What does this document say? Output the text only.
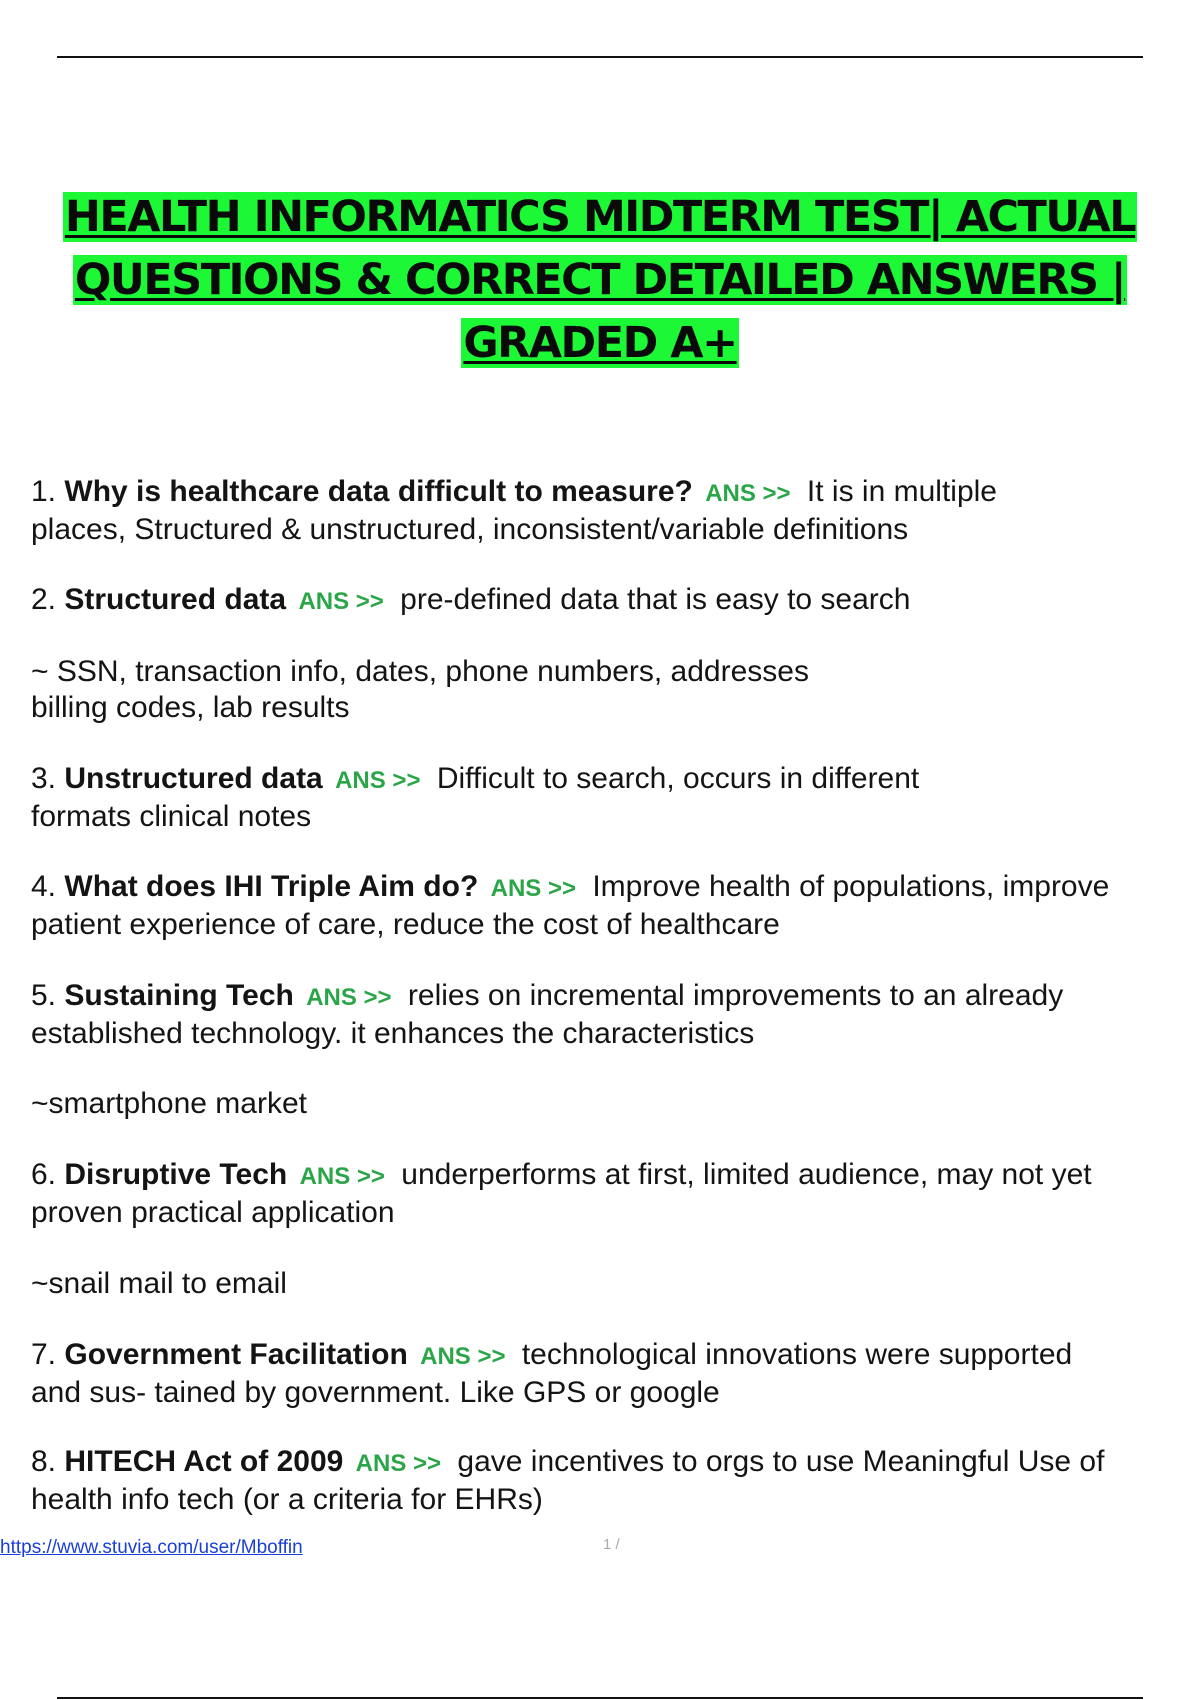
HEALTH INFORMATICS MIDTERM TEST| ACTUAL
QUESTIONS & CORRECT DETAILED ANSWERS |
GRADED A+
1. Why is healthcare data difficult to measure? ANS >> It is in multiple
places, Structured & unstructured, inconsistent/variable definitions
2. Structured data ANS >> pre-defined data that is easy to search
~ SSN, transaction info, dates, phone numbers, addresses
billing codes, lab results
3. Unstructured data ANS >> Difficult to search, occurs in different
formats clinical notes
4. What does IHI Triple Aim do? ANS >> Improve health of populations, improve
patient experience of care, reduce the cost of healthcare
5. Sustaining Tech ANS >> relies on incremental improvements to an already
established technology. it enhances the characteristics
~smartphone market
6. Disruptive Tech ANS >> underperforms at first, limited audience, may not yet
proven practical application
~snail mail to email
7. Government Facilitation ANS >> technological innovations were supported
and sus- tained by government. Like GPS or google
8. HITECH Act of 2009 ANS >> gave incentives to orgs to use Meaningful Use of
health info tech (or a criteria for EHRs)
https://www.stuvia.com/user/Mboffin	1 /
